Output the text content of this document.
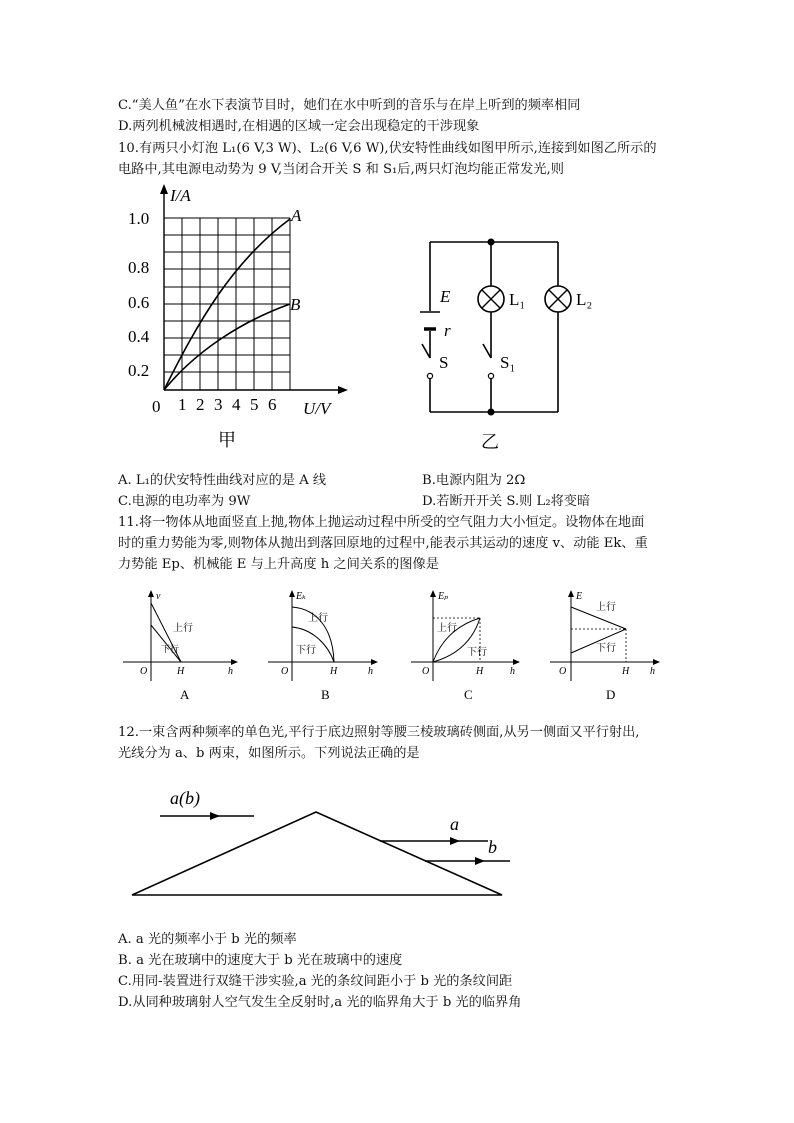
C.“美人鱼”在水下表演节目时，她们在水中听到的音乐与在岸上听到的频率相同
D.两列机械波相遇时,在相遇的区域一定会出现稳定的干涉现象
10.有两只小灯泡 L₁(6 V,3 W)、L₂(6 V,6 W),伏安特性曲线如图甲所示,连接到如图乙所示的
电路中,其电源电动势为 9 V,当闭合开关 S 和 S₁后,两只灯泡均能正常发光,则
I/A
U/V
0
0.2
0.4
0.6
0.8
1.0
1 2 3 4 5 6
A
B
甲
E
r
S	S₁
L₁	L₂
乙
A. L₁的伏安特性曲线对应的是 A 线	B.电源内阻为 2Ω
C.电源的电功率为 9W	D.若断开开关 S.则 L₂将变暗
11.将一物体从地面竖直上抛,物体上抛运动过程中所受的空气阻力大小恒定。设物体在地面
时的重力势能为零,则物体从抛出到落回原地的过程中,能表示其运动的速度 v、动能 Ek、重
力势能 Ep、机械能 E 与上升高度 h 之间关系的图像是
v
上行
下行
O	H	h
A
Eₖ
上行
下行
O	H	h
B
Eₚ
上行
下行
O	H	h
C
E
上行
下行
O	H h
D
12.一束含两种频率的单色光,平行于底边照射等腰三棱玻璃砖侧面,从另一侧面又平行射出,
光线分为 a、b 两束，如图所示。下列说法正确的是
a(b)
a
b
A. a 光的频率小于 b 光的频率
B. a 光在玻璃中的速度大于 b 光在玻璃中的速度
C.用同-装置进行双缝干涉实验,a 光的条纹间距小于 b 光的条纹间距
D.从同种玻璃射人空气发生全反射时,a 光的临界角大于 b 光的临界角
